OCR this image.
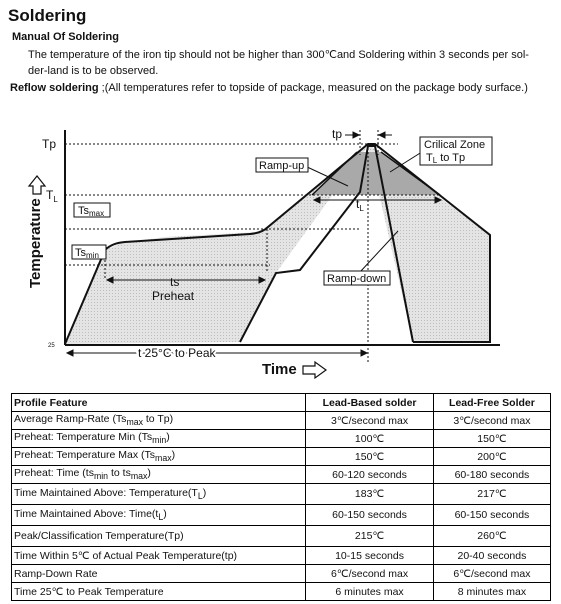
Soldering
Manual Of Soldering
The temperature of the iron tip should not be higher than 300℃and Soldering within 3 seconds per sol-
der-land is to be observed.
Reflow soldering ;(All temperatures refer to topside of package, measured on the package body surface.)
Tp
$T_L$
25
tp
Tsmax
Tsmin
Ramp-up
Ramp-down
Crilical Zone
TL to Tp
ts
Preheat
$t_L$
t 25°C to Peak
Temperature
Time
Profile Feature	Lead-Based solder	Lead-Free Solder
Average Ramp-Rate ($Ts_{max}$ to Tp)	3℃/second max	3℃/second max
Preheat: Temperature Min $(Ts_{min})$	100℃	150℃
Preheat: Temperature Max $(Ts_{max})$	150℃	200℃
Preheat: Time ($ts_{min}$ to $ts_{max}$)	60-120 seconds	60-180 seconds
Time Maintained Above: $Temperature(T_L)$	183℃	217℃
Time Maintained Above: $Time(t_L)$	60-150 seconds	60-150 seconds
Peak/Classification Temperature(Tp)	215℃	260℃
Time Within 5℃ of Actual Peak Temperature(tp)	10-15 seconds	20-40 seconds
Ramp-Down Rate	6℃/second max	6℃/second max
Time 25℃ to Peak Temperature	6 minutes max	8 minutes max
